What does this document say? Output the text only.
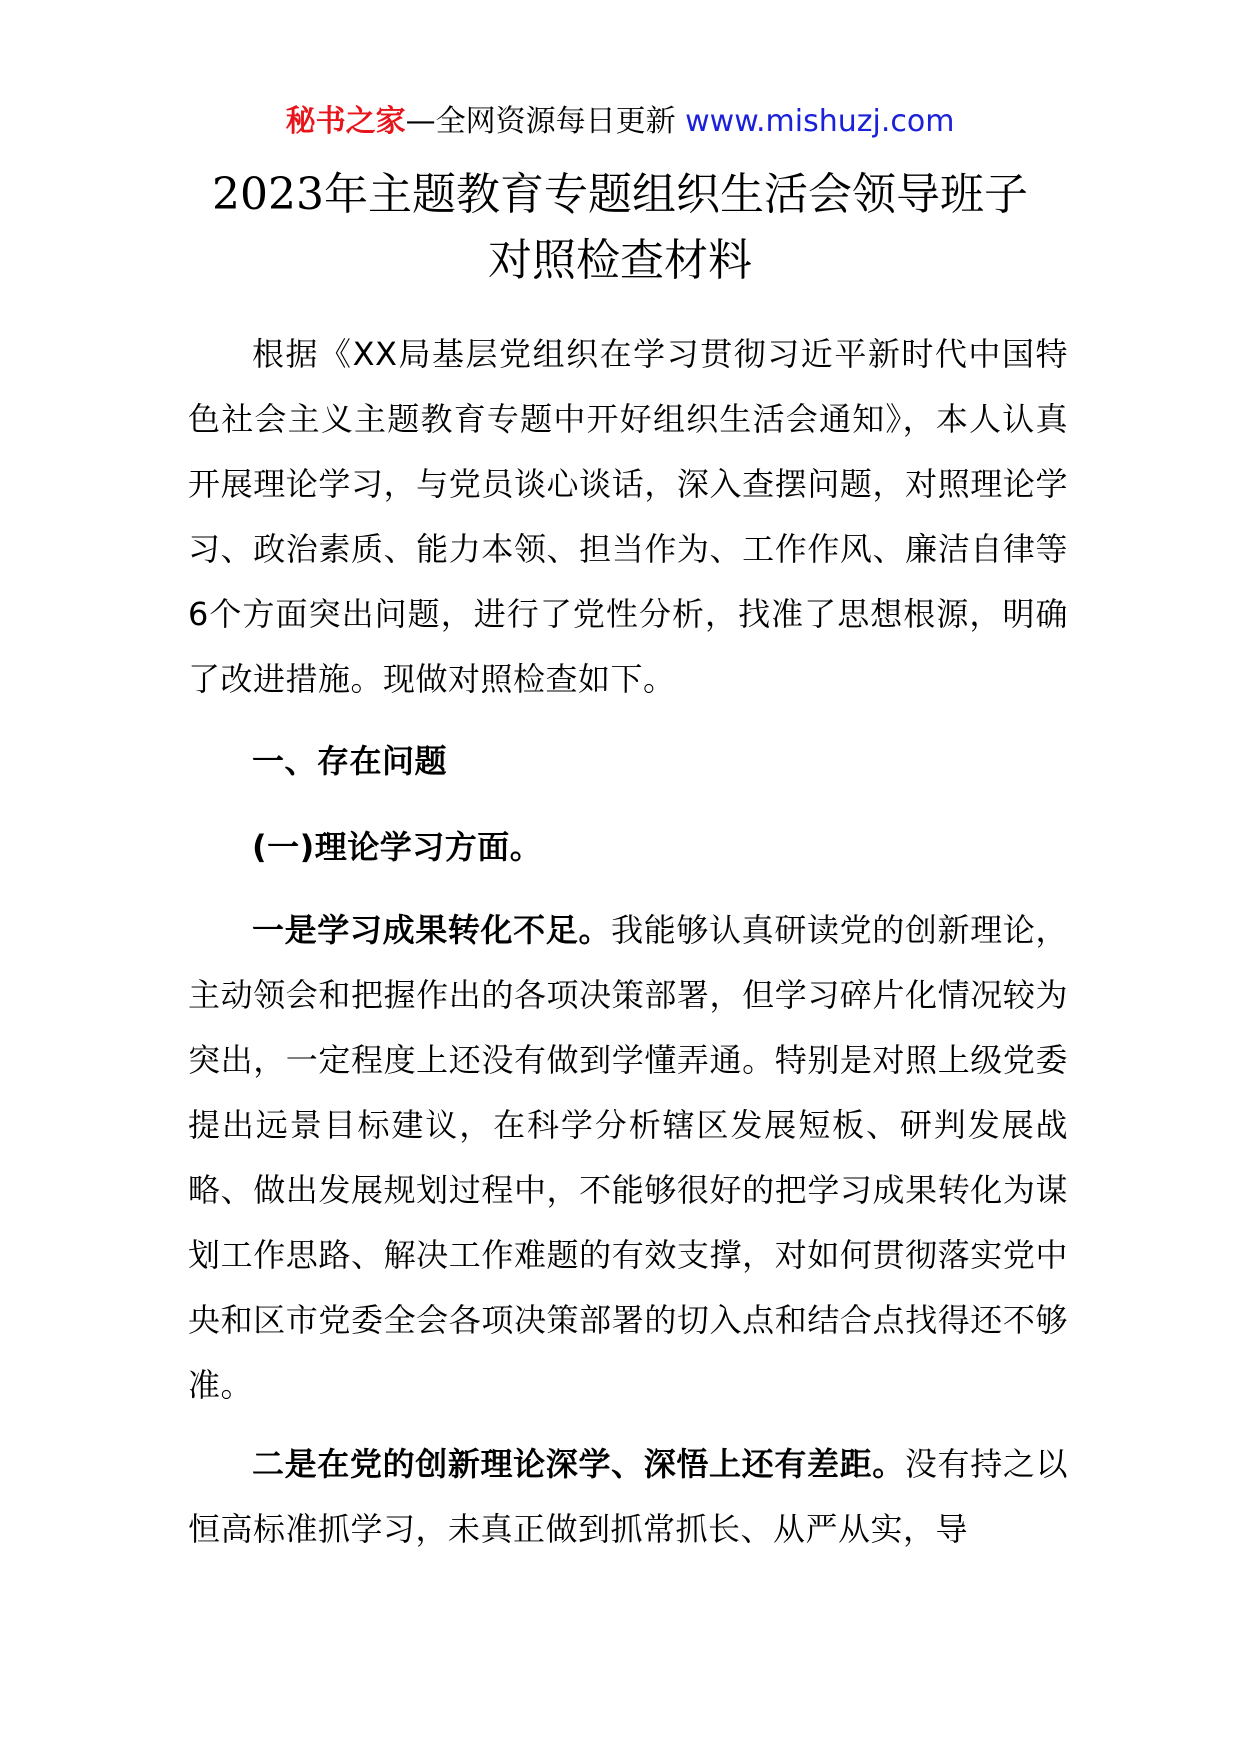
秘书之家—全网资源每日更新 www.mishuzj.com
2023年主题教育专题组织生活会领导班子
对照检查材料

根据《XX局基层党组织在学习贯彻习近平新时代中国特色社会主义主题教育专题中开好组织生活会通知》，本人认真开展理论学习，与党员谈心谈话，深入查摆问题，对照理论学习、政治素质、能力本领、担当作为、工作作风、廉洁自律等6个方面突出问题，进行了党性分析，找准了思想根源，明确了改进措施。现做对照检查如下。

一、存在问题

(一)理论学习方面。

一是学习成果转化不足。我能够认真研读党的创新理论，主动领会和把握作出的各项决策部署，但学习碎片化情况较为突出，一定程度上还没有做到学懂弄通。特别是对照上级党委提出远景目标建议，在科学分析辖区发展短板、研判发展战略、做出发展规划过程中，不能够很好的把学习成果转化为谋划工作思路、解决工作难题的有效支撑，对如何贯彻落实党中央和区市党委全会各项决策部署的切入点和结合点找得还不够准。

二是在党的创新理论深学、深悟上还有差距。没有持之以恒高标准抓学习，未真正做到抓常抓长、从严从实，导
